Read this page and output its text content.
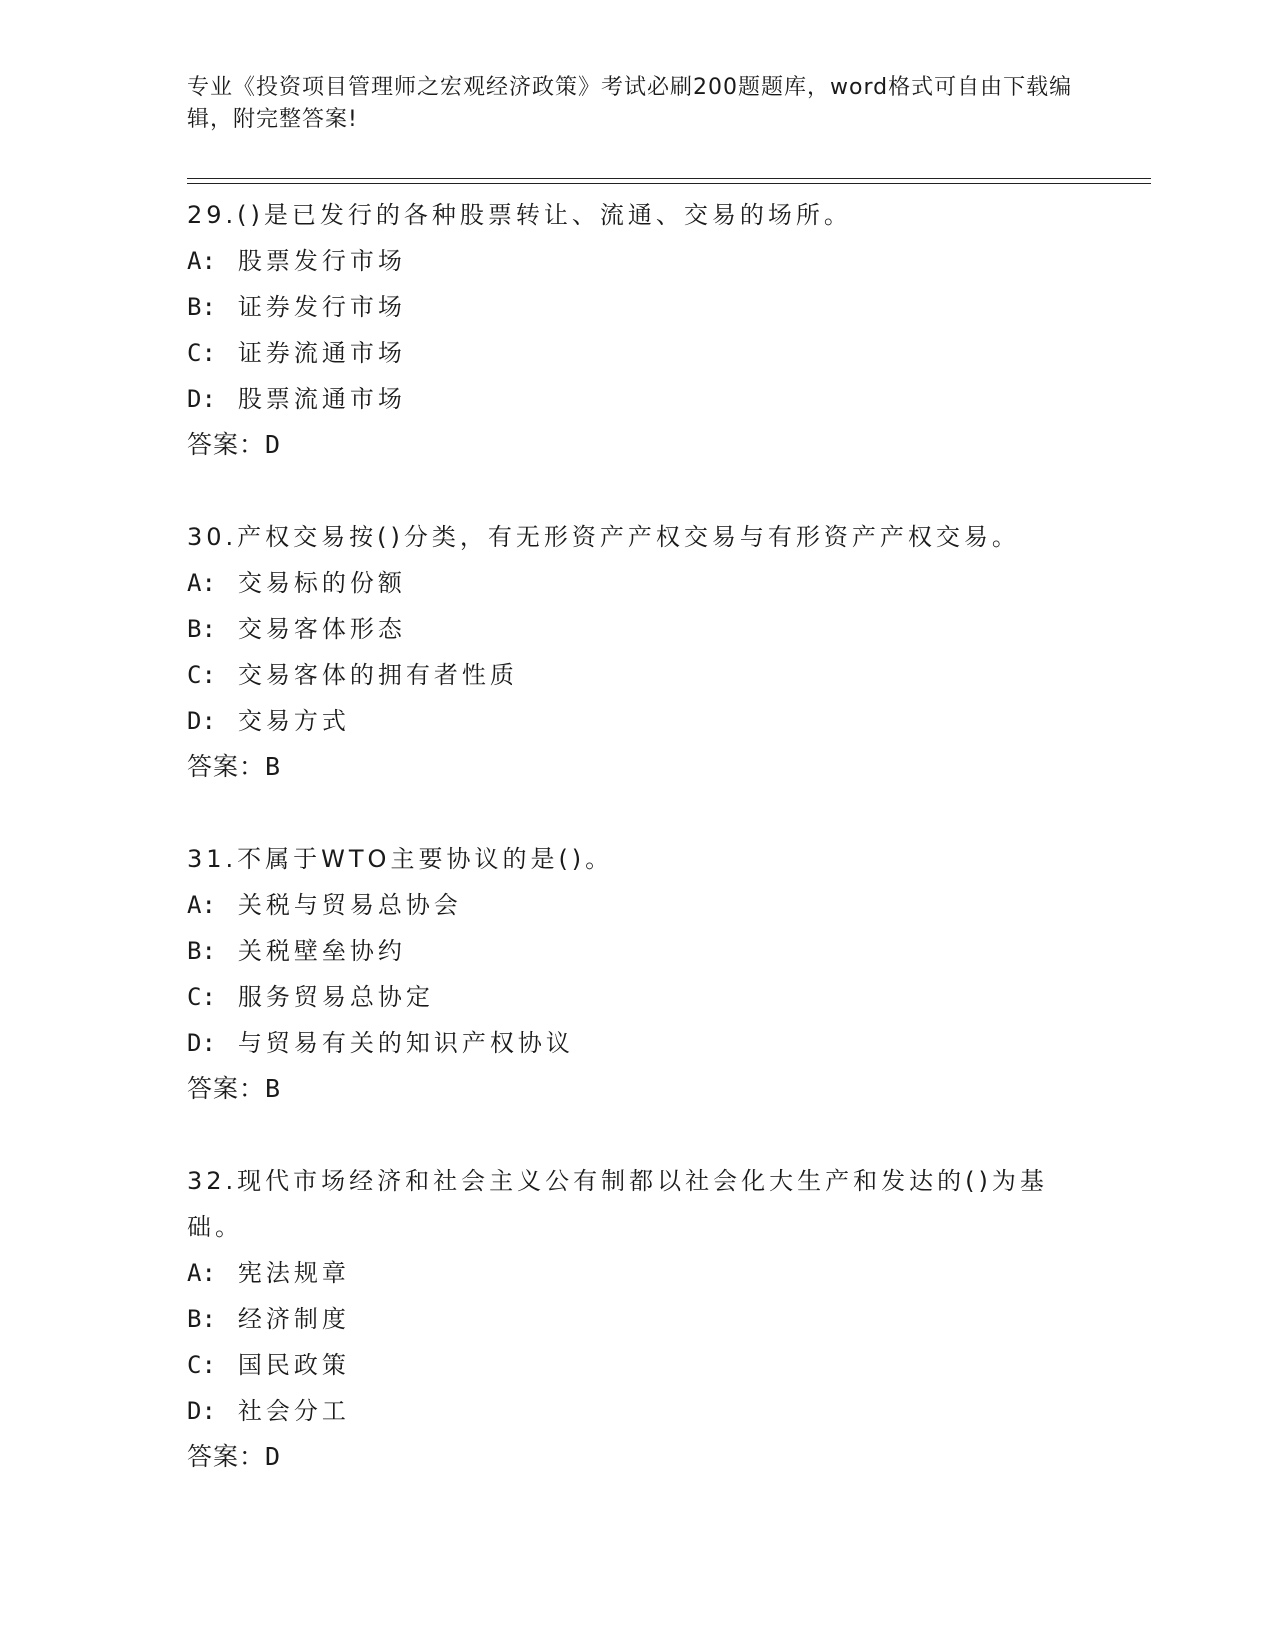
专业《投资项目管理师之宏观经济政策》考试必刷200题题库，word格式可自由下载编辑，附完整答案!
29.()是已发行的各种股票转让、流通、交易的场所。
A: 股票发行市场
B: 证券发行市场
C: 证券流通市场
D: 股票流通市场
答案：D
30.产权交易按()分类，有无形资产产权交易与有形资产产权交易。
A: 交易标的份额
B: 交易客体形态
C: 交易客体的拥有者性质
D: 交易方式
答案：B
31.不属于WTO主要协议的是()。
A: 关税与贸易总协会
B: 关税壁垒协约
C: 服务贸易总协定
D: 与贸易有关的知识产权协议
答案：B
32.现代市场经济和社会主义公有制都以社会化大生产和发达的()为基础。
A: 宪法规章
B: 经济制度
C: 国民政策
D: 社会分工
答案：D
